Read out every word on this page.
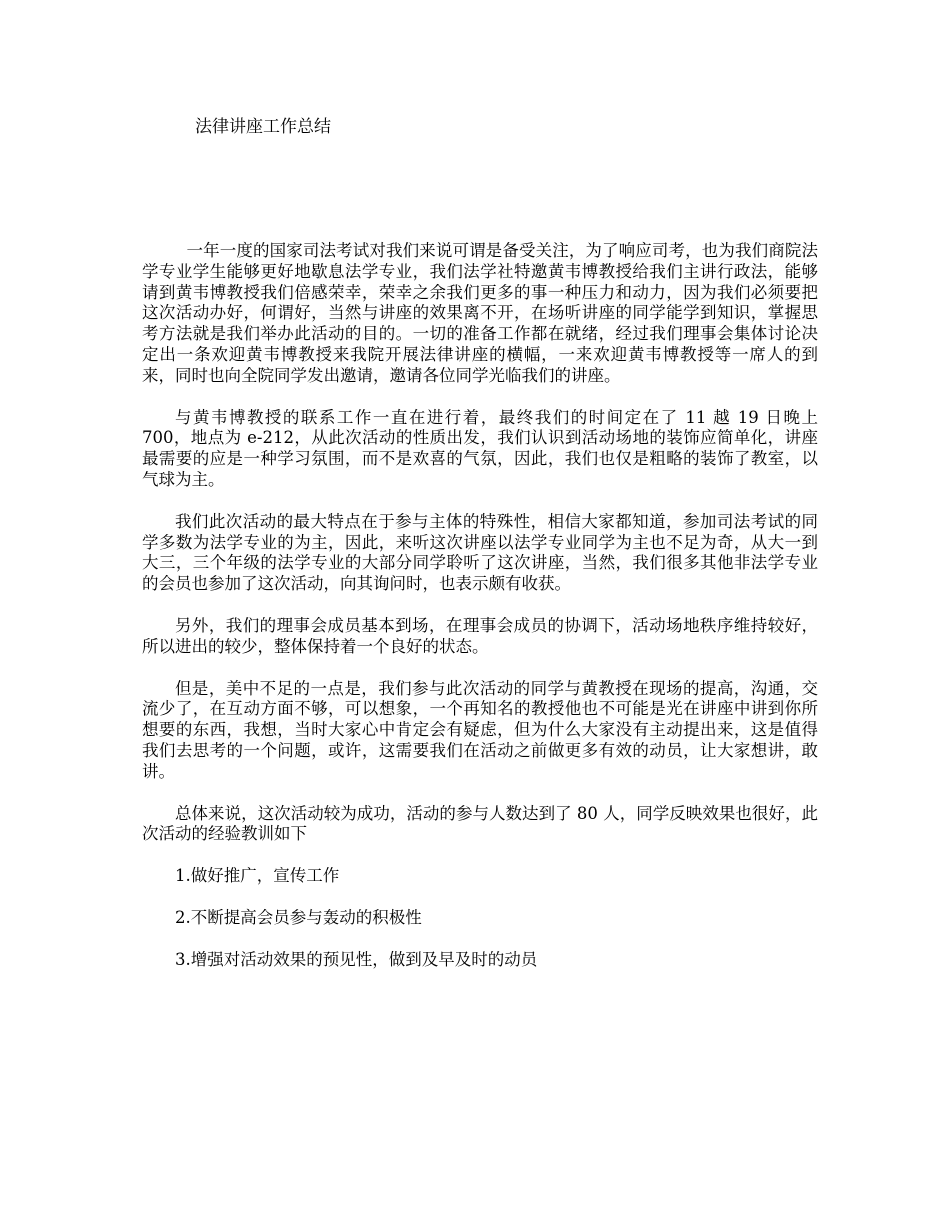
法律讲座工作总结

一年一度的国家司法考试对我们来说可谓是备受关注，为了响应司考，也为我们商院法学专业学生能够更好地歇息法学专业，我们法学社特邀黄韦博教授给我们主讲行政法，能够请到黄韦博教授我们倍感荣幸，荣幸之余我们更多的事一种压力和动力，因为我们必须要把这次活动办好，何谓好，当然与讲座的效果离不开，在场听讲座的同学能学到知识，掌握思考方法就是我们举办此活动的目的。一切的准备工作都在就绪，经过我们理事会集体讨论决定出一条欢迎黄韦博教授来我院开展法律讲座的横幅，一来欢迎黄韦博教授等一席人的到来，同时也向全院同学发出邀请，邀请各位同学光临我们的讲座。

与黄韦博教授的联系工作一直在进行着，最终我们的时间定在了 11 越 19 日晚上 700，地点为 e-212，从此次活动的性质出发，我们认识到活动场地的装饰应简单化，讲座最需要的应是一种学习氛围，而不是欢喜的气氛，因此，我们也仅是粗略的装饰了教室，以气球为主。

我们此次活动的最大特点在于参与主体的特殊性，相信大家都知道，参加司法考试的同学多数为法学专业的为主，因此，来听这次讲座以法学专业同学为主也不足为奇，从大一到大三，三个年级的法学专业的大部分同学聆听了这次讲座，当然，我们很多其他非法学专业的会员也参加了这次活动，向其询问时，也表示颇有收获。

另外，我们的理事会成员基本到场，在理事会成员的协调下，活动场地秩序维持较好，所以进出的较少，整体保持着一个良好的状态。

但是，美中不足的一点是，我们参与此次活动的同学与黄教授在现场的提高，沟通，交流少了，在互动方面不够，可以想象，一个再知名的教授他也不可能是光在讲座中讲到你所想要的东西，我想，当时大家心中肯定会有疑虑，但为什么大家没有主动提出来，这是值得我们去思考的一个问题，或许，这需要我们在活动之前做更多有效的动员，让大家想讲，敢讲。

总体来说，这次活动较为成功，活动的参与人数达到了 80 人，同学反映效果也很好，此次活动的经验教训如下

1.做好推广，宣传工作
2.不断提高会员参与轰动的积极性
3.增强对活动效果的预见性，做到及早及时的动员
